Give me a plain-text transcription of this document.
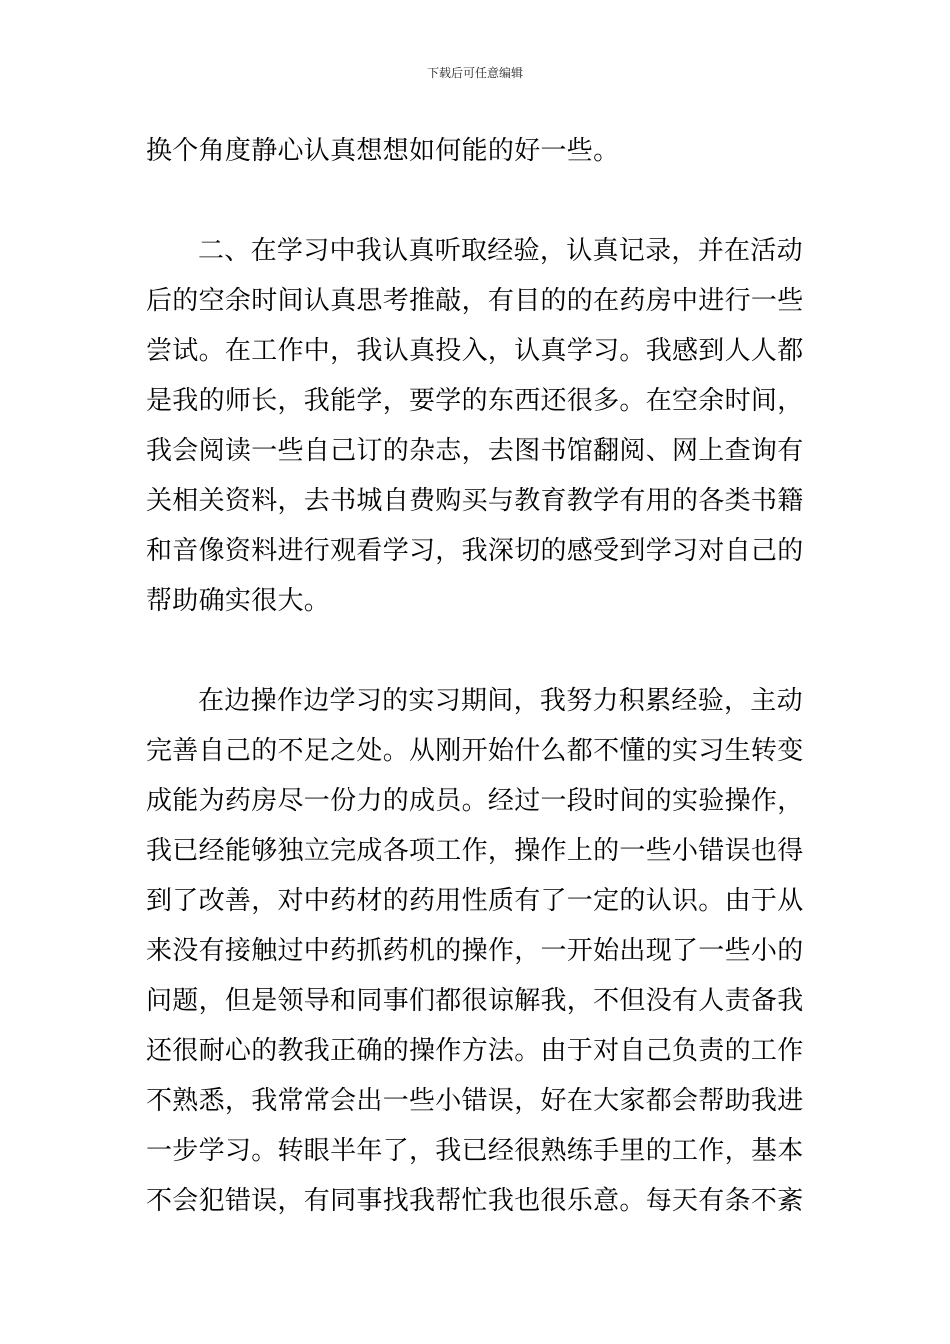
下载后可任意编辑
换个角度静心认真想想如何能的好一些。
二、在学习中我认真听取经验，认真记录，并在活动
后的空余时间认真思考推敲，有目的的在药房中进行一些
尝试。在工作中，我认真投入，认真学习。我感到人人都
是我的师长，我能学，要学的东西还很多。在空余时间，
我会阅读一些自己订的杂志，去图书馆翻阅、网上查询有
关相关资料，去书城自费购买与教育教学有用的各类书籍
和音像资料进行观看学习，我深切的感受到学习对自己的
帮助确实很大。
在边操作边学习的实习期间，我努力积累经验，主动
完善自己的不足之处。从刚开始什么都不懂的实习生转变
成能为药房尽一份力的成员。经过一段时间的实验操作，
我已经能够独立完成各项工作，操作上的一些小错误也得
到了改善，对中药材的药用性质有了一定的认识。由于从
来没有接触过中药抓药机的操作，一开始出现了一些小的
问题，但是领导和同事们都很谅解我，不但没有人责备我
还很耐心的教我正确的操作方法。由于对自己负责的工作
不熟悉，我常常会出一些小错误，好在大家都会帮助我进
一步学习。转眼半年了，我已经很熟练手里的工作，基本
不会犯错误，有同事找我帮忙我也很乐意。每天有条不紊
